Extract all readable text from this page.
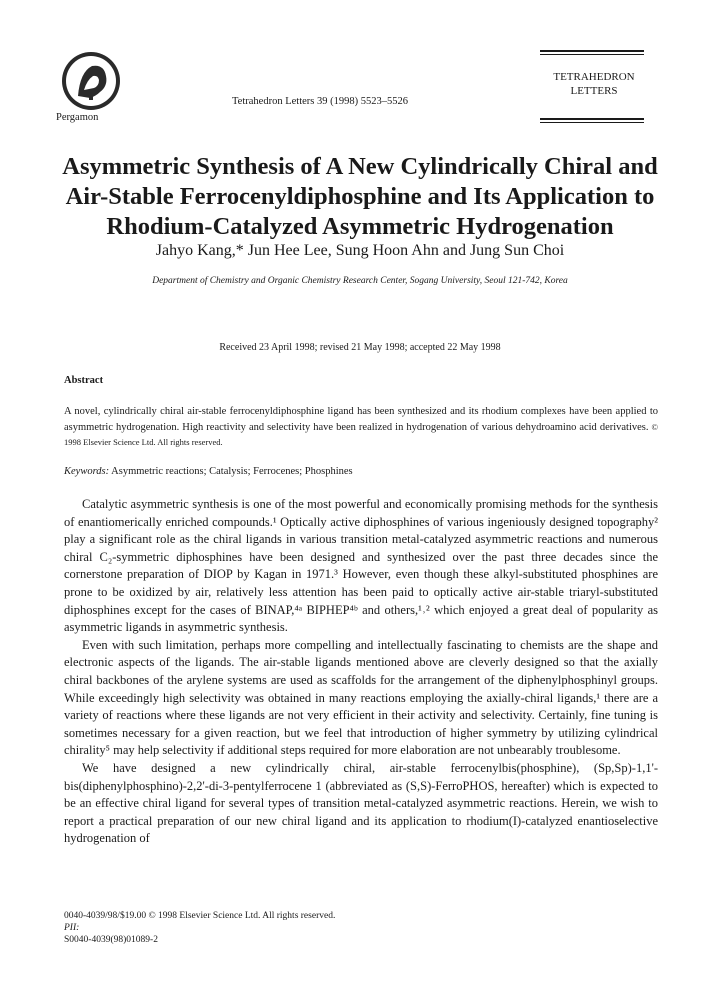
Pergamon
Tetrahedron Letters 39 (1998) 5523–5526
TETRAHEDRON
LETTERS
Asymmetric Synthesis of A New Cylindrically Chiral and
Air-Stable Ferrocenyldiphosphine and Its Application to
Rhodium-Catalyzed Asymmetric Hydrogenation
Jahyo Kang,* Jun Hee Lee, Sung Hoon Ahn and Jung Sun Choi
Department of Chemistry and Organic Chemistry Research Center, Sogang University, Seoul 121-742, Korea
Received 23 April 1998; revised 21 May 1998; accepted 22 May 1998
Abstract
A novel, cylindrically chiral air-stable ferrocenyldiphosphine ligand has been synthesized and its rhodium complexes have been applied to asymmetric hydrogenation. High reactivity and selectivity have been realized in hydrogenation of various dehydroamino acid derivatives. © 1998 Elsevier Science Ltd. All rights reserved.
Keywords: Asymmetric reactions; Catalysis; Ferrocenes; Phosphines

Catalytic asymmetric synthesis is one of the most powerful and economically promising methods for the synthesis of enantiomerically enriched compounds.¹ Optically active diphosphines of various ingeniously designed topography² play a significant role as the chiral ligands in various transition metal-catalyzed asymmetric reactions and numerous chiral C₂-symmetric diphosphines have been designed and synthesized over the past three decades since the cornerstone preparation of DIOP by Kagan in 1971.³ However, even though these alkyl-substituted phosphines are prone to be oxidized by air, relatively less attention has been paid to optically active air-stable triaryl-substituted diphosphines except for the cases of BINAP,⁴ᵃ BIPHEP⁴ᵇ and others,¹˒² which enjoyed a great deal of popularity as asymmetric ligands in asymmetric synthesis.

Even with such limitation, perhaps more compelling and intellectually fascinating to chemists are the shape and electronic aspects of the ligands. The air-stable ligands mentioned above are cleverly designed so that the axially chiral backbones of the arylene systems are used as scaffolds for the arrangement of the diphenylphosphinyl groups. While exceedingly high selectivity was obtained in many reactions employing the axially-chiral ligands,¹ there are a variety of reactions where these ligands are not very efficient in their activity and selectivity. Certainly, fine tuning is sometimes necessary for a given reaction, but we feel that introduction of higher symmetry by utilizing cylindrical chirality⁵ may help selectivity if additional steps required for more elaboration are not unbearably troublesome.

We have designed a new cylindrically chiral, air-stable ferrocenylbis(phosphine), (Sp,Sp)-1,1'-bis(diphenylphosphino)-2,2'-di-3-pentylferrocene 1 (abbreviated as (S,S)-FerroPHOS, hereafter) which is expected to be an effective chiral ligand for several types of transition metal-catalyzed asymmetric reactions. Herein, we wish to report a practical preparation of our new chiral ligand and its application to rhodium(I)-catalyzed enantioselective hydrogenation of

0040-4039/98/$19.00 © 1998 Elsevier Science Ltd. All rights reserved.
PII:
S0040-4039(98)01089-2
